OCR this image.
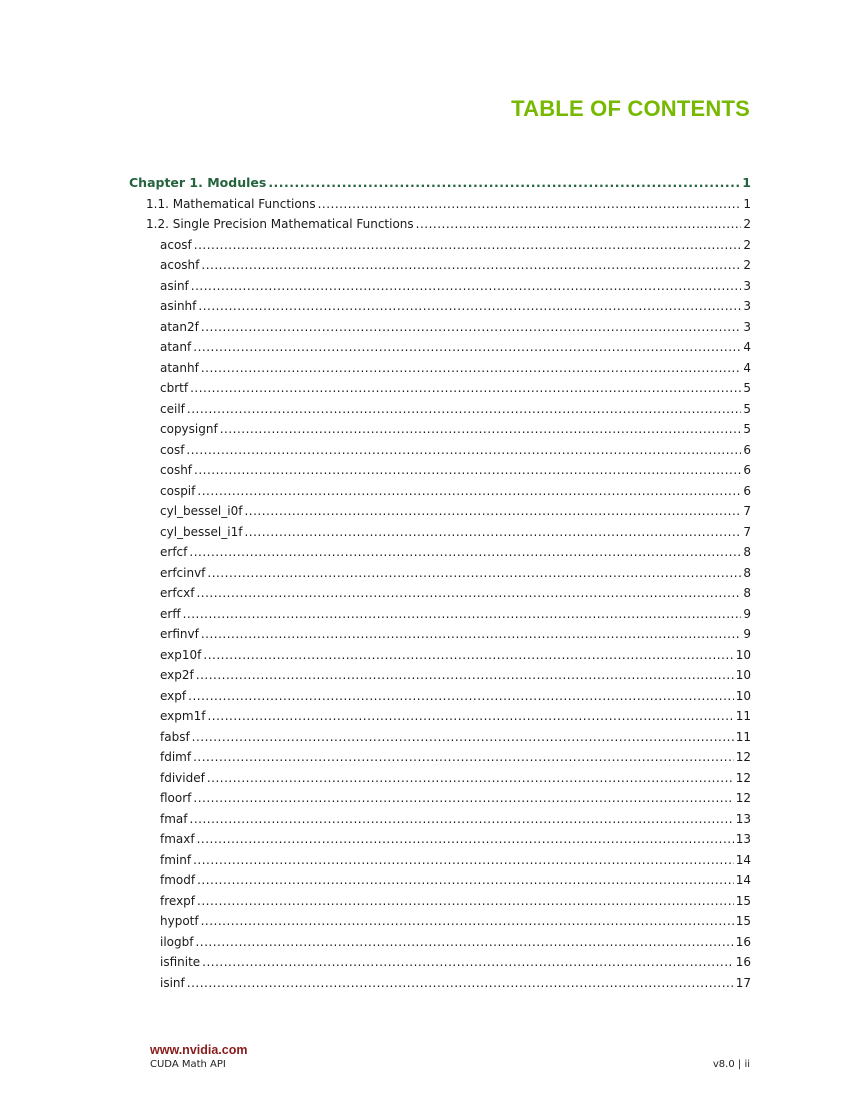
TABLE OF CONTENTS
Chapter 1. Modules .....	1
1.1. Mathematical Functions .....	1
1.2. Single Precision Mathematical Functions .....	2
acosf .....	2
acoshf .....	2
asinf .....	3
asinhf .....	3
atan2f .....	3
atanf .....	4
atanhf .....	4
cbrtf .....	5
ceilf .....	5
copysignf .....	5
cosf .....	6
coshf .....	6
cospif .....	6
cyl_bessel_i0f .....	7
cyl_bessel_i1f .....	7
erfcf .....	8
erfcinvf .....	8
erfcxf .....	8
erff .....	9
erfinvf .....	9
exp10f .....	10
exp2f .....	10
expf .....	10
expm1f .....	11
fabsf .....	11
fdimf .....	12
fdividef .....	12
floorf .....	12
fmaf .....	13
fmaxf .....	13
fminf .....	14
fmodf .....	14
frexpf .....	15
hypotf .....	15
ilogbf .....	16
isfinite .....	16
isinf .....	17

www.nvidia.com

CUDA Math API	v8.0 | ii
